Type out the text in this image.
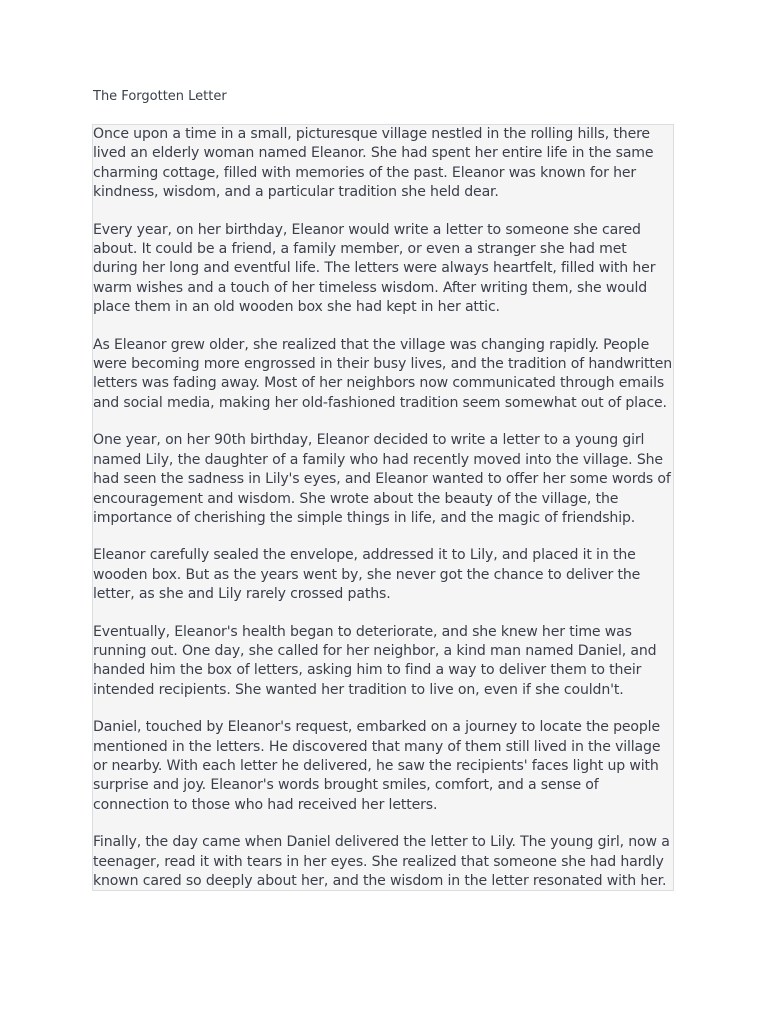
The Forgotten Letter

Once upon a time in a small, picturesque village nestled in the rolling hills, there lived an elderly woman named Eleanor. She had spent her entire life in the same charming cottage, filled with memories of the past. Eleanor was known for her kindness, wisdom, and a particular tradition she held dear.

Every year, on her birthday, Eleanor would write a letter to someone she cared about. It could be a friend, a family member, or even a stranger she had met during her long and eventful life. The letters were always heartfelt, filled with her warm wishes and a touch of her timeless wisdom. After writing them, she would place them in an old wooden box she had kept in her attic.

As Eleanor grew older, she realized that the village was changing rapidly. People were becoming more engrossed in their busy lives, and the tradition of handwritten letters was fading away. Most of her neighbors now communicated through emails and social media, making her old-fashioned tradition seem somewhat out of place.

One year, on her 90th birthday, Eleanor decided to write a letter to a young girl named Lily, the daughter of a family who had recently moved into the village. She had seen the sadness in Lily's eyes, and Eleanor wanted to offer her some words of encouragement and wisdom. She wrote about the beauty of the village, the importance of cherishing the simple things in life, and the magic of friendship.

Eleanor carefully sealed the envelope, addressed it to Lily, and placed it in the wooden box. But as the years went by, she never got the chance to deliver the letter, as she and Lily rarely crossed paths.

Eventually, Eleanor's health began to deteriorate, and she knew her time was running out. One day, she called for her neighbor, a kind man named Daniel, and handed him the box of letters, asking him to find a way to deliver them to their intended recipients. She wanted her tradition to live on, even if she couldn't.

Daniel, touched by Eleanor's request, embarked on a journey to locate the people mentioned in the letters. He discovered that many of them still lived in the village or nearby. With each letter he delivered, he saw the recipients' faces light up with surprise and joy. Eleanor's words brought smiles, comfort, and a sense of connection to those who had received her letters.

Finally, the day came when Daniel delivered the letter to Lily. The young girl, now a teenager, read it with tears in her eyes. She realized that someone she had hardly known cared so deeply about her, and the wisdom in the letter resonated with her.
